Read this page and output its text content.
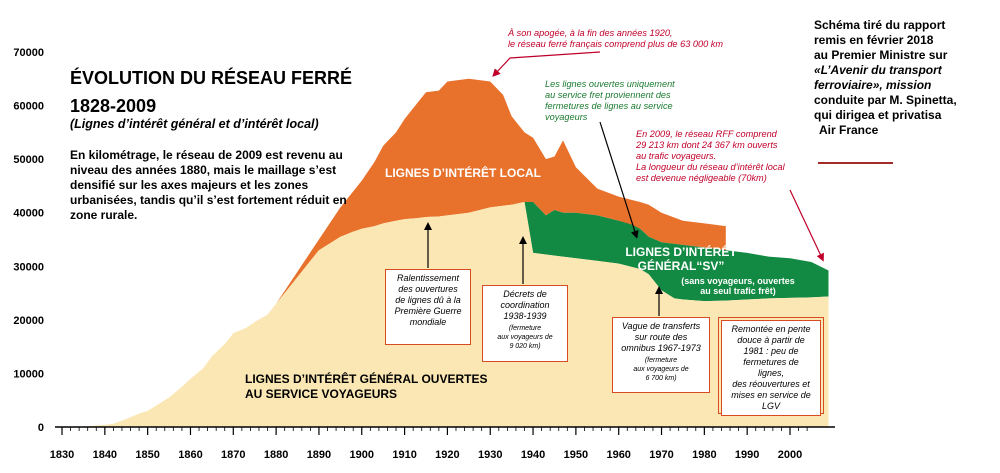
1830 1840 1850 1860 1870 1880 1890 1900 1910 1920 1930 1940 1950 1960 1970 1980 1990 2000
0
10000
20000
30000
40000
50000
60000
70000
ÉVOLUTION DU RÉSEAU FERRÉ
1828-2009
(Lignes d’intérêt général et d’intérêt local)
En kilométrage, le réseau de 2009 est revenu au niveau des années 1880, mais le maillage s’est densifié sur les axes majeurs et les zones urbanisées, tandis qu’il s’est fortement réduit en zone rurale.
Schéma tiré du rapport
remis en février 2018
au Premier Ministre sur
«L’Avenir du transport
ferroviaire», mission
conduite par M. Spinetta,
qui dirigea et privatisa
Air France
À son apogée, à la fin des années 1920,
le réseau ferré français comprend plus de 63 000 km
Les lignes ouvertes uniquement
au service fret proviennent des
fermetures de lignes au service
voyageurs
En 2009, le réseau RFF comprend
29 213 km dont 24 367 km ouverts
au trafic voyageurs.
La longueur du réseau d’intérêt local
est devenue négligeable (70km)
LIGNES D’INTÉRÊT LOCAL
LIGNES D’INTÉRÊT
GÉNÉRAL“SV”
(sans voyageurs, ouvertes
au seul trafic frêt)
LIGNES D’INTÉRÊT GÉNÉRAL OUVERTES
AU SERVICE VOYAGEURS
Ralentissement
des ouvertures
de lignes dû à la
Première Guerre
mondiale
Décrets de
coordination
1938-1939
(fermeture
aux voyageurs de
9 020 km)
Vague de transferts
sur route des
omnibus 1967-1973
(fermeture
aux voyageurs de
6 700 km)
Remontée en pente
douce à partir de
1981 : peu de
fermetures de
lignes,
des réouvertures et
mises en service de
LGV
